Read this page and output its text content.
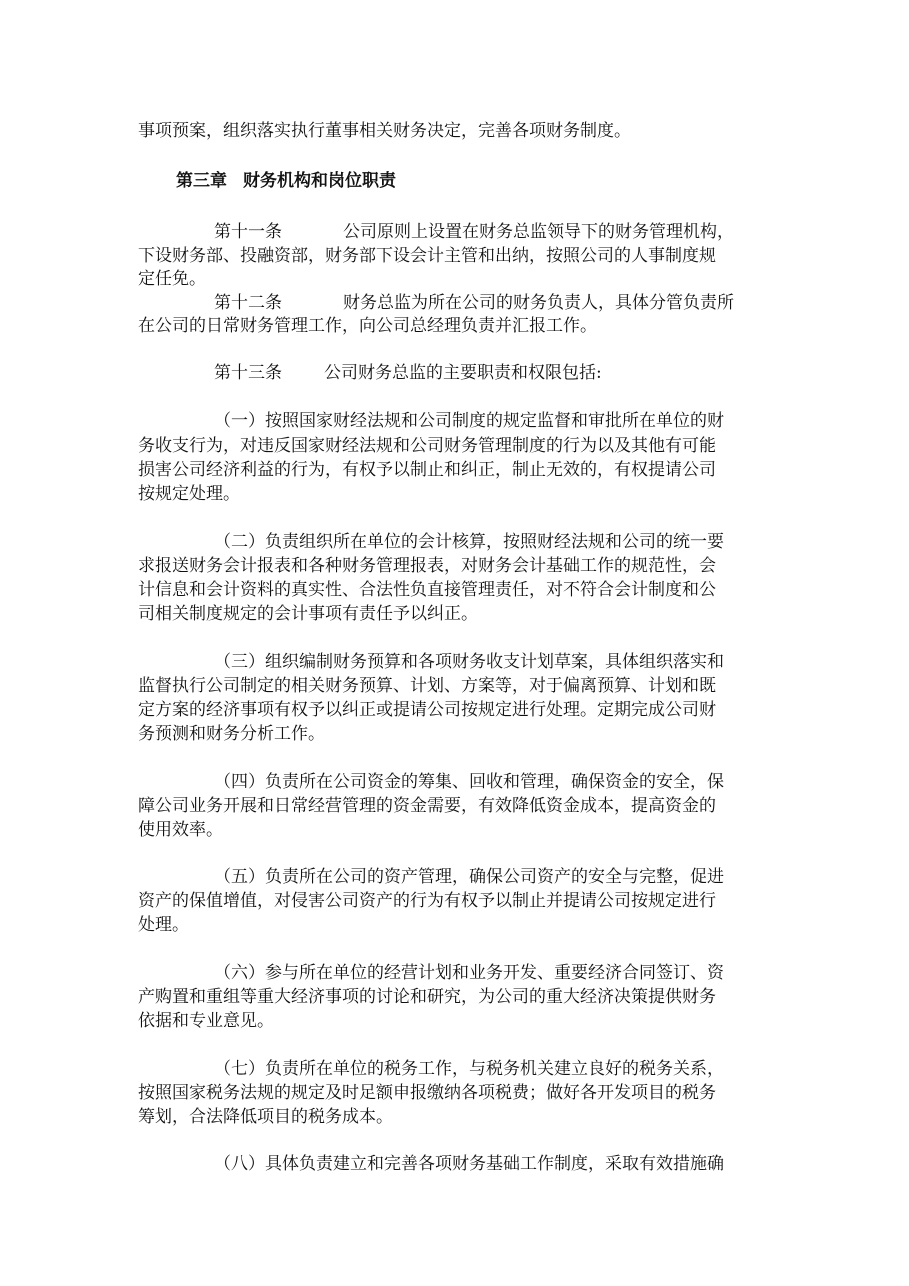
事项预案，组织落实执行董事相关财务决定，完善各项财务制度。
第三章 财务机构和岗位职责
第十一条	公司原则上设置在财务总监领导下的财务管理机构，
下设财务部、投融资部，财务部下设会计主管和出纳，按照公司的人事制度规
定任免。
第十二条	财务总监为所在公司的财务负责人，具体分管负责所
在公司的日常财务管理工作，向公司总经理负责并汇报工作。
第十三条 公司财务总监的主要职责和权限包括:
（一）按照国家财经法规和公司制度的规定监督和审批所在单位的财
务收支行为，对违反国家财经法规和公司财务管理制度的行为以及其他有可能
损害公司经济利益的行为，有权予以制止和纠正，制止无效的，有权提请公司
按规定处理。
（二）负责组织所在单位的会计核算，按照财经法规和公司的统一要
求报送财务会计报表和各种财务管理报表，对财务会计基础工作的规范性，会
计信息和会计资料的真实性、合法性负直接管理责任，对不符合会计制度和公
司相关制度规定的会计事项有责任予以纠正。
（三）组织编制财务预算和各项财务收支计划草案，具体组织落实和
监督执行公司制定的相关财务预算、计划、方案等，对于偏离预算、计划和既
定方案的经济事项有权予以纠正或提请公司按规定进行处理。定期完成公司财
务预测和财务分析工作。
（四）负责所在公司资金的筹集、回收和管理，确保资金的安全，保
障公司业务开展和日常经营管理的资金需要，有效降低资金成本，提高资金的
使用效率。
（五）负责所在公司的资产管理，确保公司资产的安全与完整，促进
资产的保值增值，对侵害公司资产的行为有权予以制止并提请公司按规定进行
处理。
（六）参与所在单位的经营计划和业务开发、重要经济合同签订、资
产购置和重组等重大经济事项的讨论和研究，为公司的重大经济决策提供财务
依据和专业意见。
（七）负责所在单位的税务工作，与税务机关建立良好的税务关系，
按照国家税务法规的规定及时足额申报缴纳各项税费；做好各开发项目的税务
筹划，合法降低项目的税务成本。
（八）具体负责建立和完善各项财务基础工作制度，采取有效措施确
